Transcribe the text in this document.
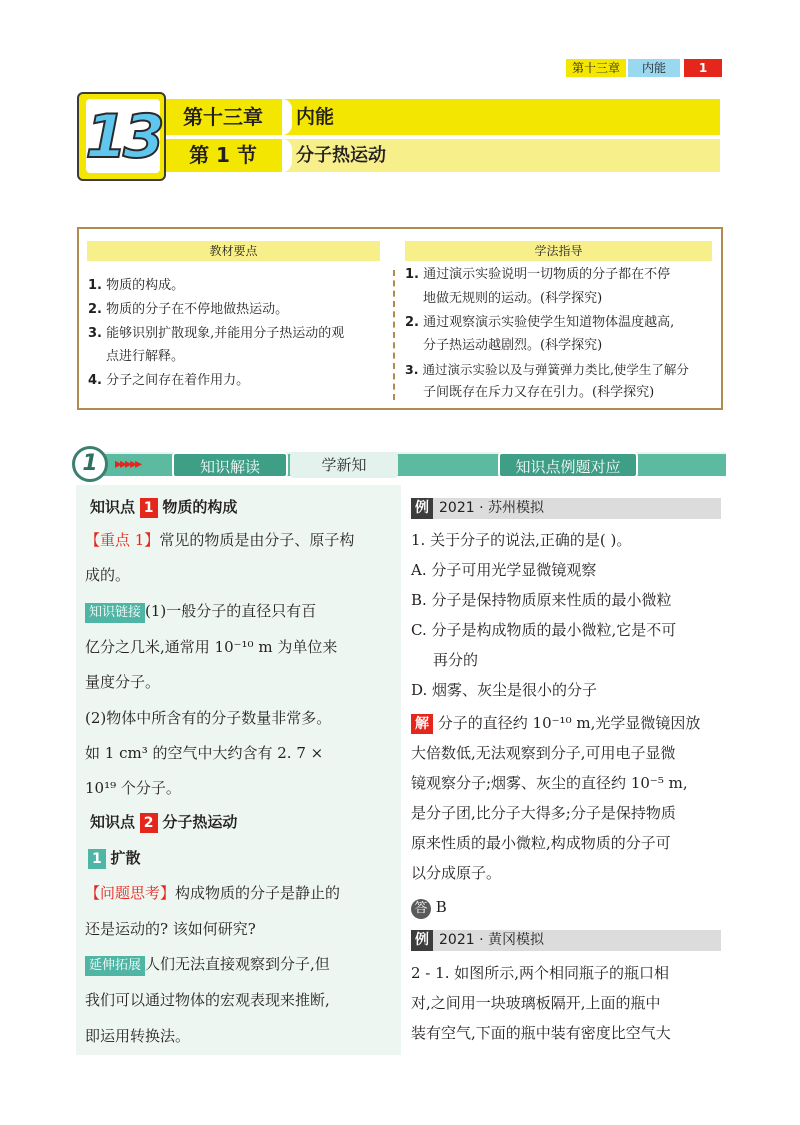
第十三章	内能	1
第十三章	内能
第 1 节	分子热运动
13
教材要点	学法指导
1. 物质的构成。
2. 物质的分子在不停地做热运动。
3. 能够识别扩散现象,并能用分子热运动的观
点进行解释。
4. 分子之间存在着作用力。
1. 通过演示实验说明一切物质的分子都在不停
地做无规则的运动。(科学探究)
2. 通过观察演示实验使学生知道物体温度越高,
分子热运动越剧烈。(科学探究)
3. 通过演示实验以及与弹簧弹力类比,使学生了解分
子间既存在斥力又存在引力。(科学探究)
1	▸▸▸▸▸	知识解读	学新知	知识点例题对应
知识点 1 物质的构成
【重点 1】常见的物质是由分子、原子构
成的。
知识链接 (1)一般分子的直径只有百
亿分之几米,通常用 10⁻¹⁰ m 为单位来
量度分子。
(2)物体中所含有的分子数量非常多。
如 1 cm³ 的空气中大约含有 2. 7 ×
10¹⁹ 个分子。
知识点 2 分子热运动
1 扩散
【问题思考】构成物质的分子是静止的
还是运动的? 该如何研究?
延伸拓展 人们无法直接观察到分子,但
我们可以通过物体的宏观表现来推断,
即运用转换法。
例 2021 · 苏州模拟
1. 关于分子的说法,正确的是( )。
A. 分子可用光学显微镜观察
B. 分子是保持物质原来性质的最小微粒
C. 分子是构成物质的最小微粒,它是不可
再分的
D. 烟雾、灰尘是很小的分子
解 分子的直径约 10⁻¹⁰ m,光学显微镜因放
大倍数低,无法观察到分子,可用电子显微
镜观察分子;烟雾、灰尘的直径约 10⁻⁵ m,
是分子团,比分子大得多;分子是保持物质
原来性质的最小微粒,构成物质的分子可
以分成原子。
答 B
例 2021 · 黄冈模拟
2 - 1. 如图所示,两个相同瓶子的瓶口相
对,之间用一块玻璃板隔开,上面的瓶中
装有空气,下面的瓶中装有密度比空气大
